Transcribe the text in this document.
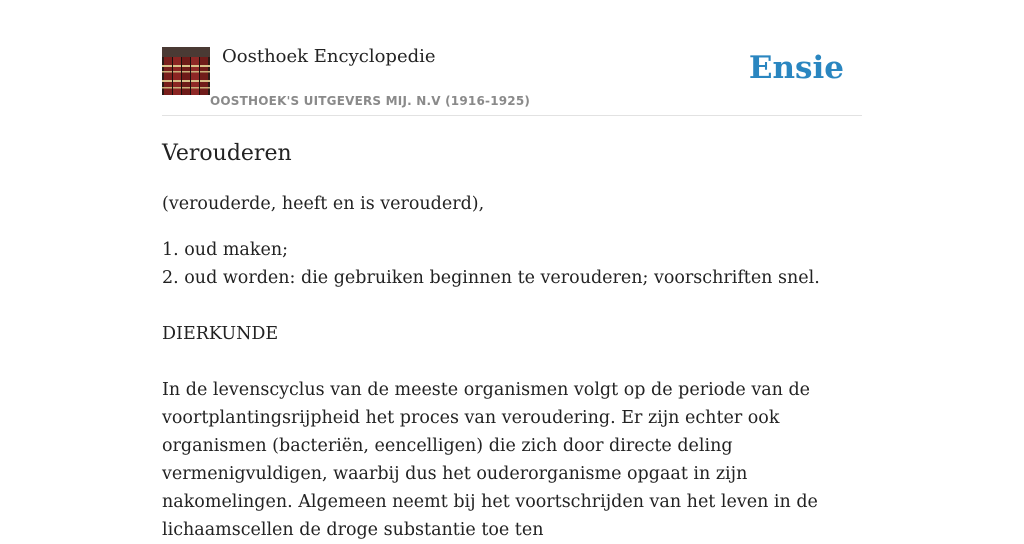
Oosthoek Encyclopedie
OOSTHOEK'S UITGEVERS MIJ. N.V (1916-1925)
Ensie
Verouderen

(verouderde, heeft en is verouderd),

1. oud maken;
2. oud worden: die gebruiken beginnen te verouderen; voorschriften snel.

DIERKUNDE

In de levenscyclus van de meeste organismen volgt op de periode van de voortplantingsrijpheid het proces van veroudering. Er zijn echter ook organismen (bacteriën, eencelligen) die zich door directe deling vermenigvuldigen, waarbij dus het ouderorganisme opgaat in zijn nakomelingen. Algemeen neemt bij het voortschrijden van het leven in de lichaamscellen de droge substantie toe ten
